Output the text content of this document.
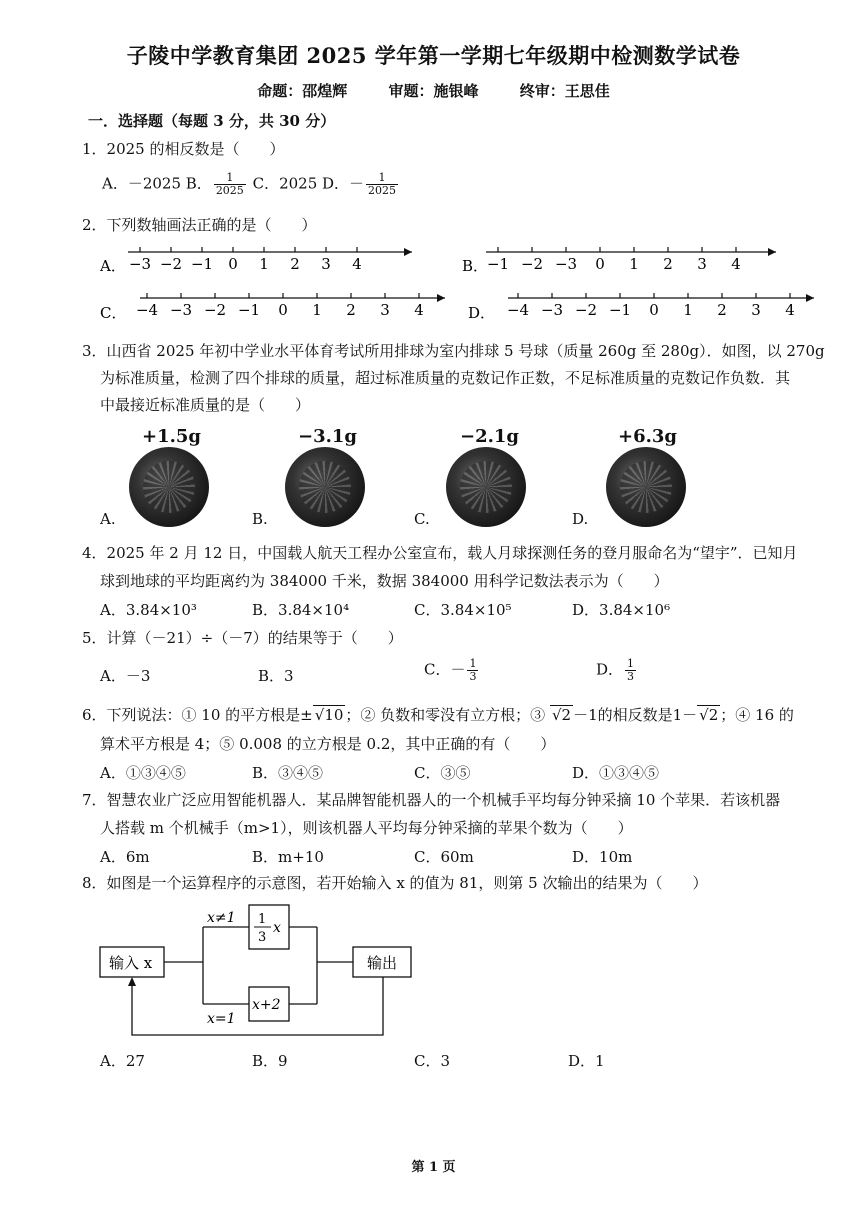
子陵中学教育集团 2025 学年第一学期七年级期中检测数学试卷
命题：邵煌辉	审题：施银峰	终审：王思佳
一．选择题（每题 3 分，共 30 分）
1．2025 的相反数是（　　）
A．－2025 B． $\frac{1}{2025}$ C．2025 D．－ $\frac{1}{2025}$
2．下列数轴画法正确的是（　　）
A．	B．
C．	D．
−3 −2 −1 0 1 2 3 4	−1 −2 −3 0 1 2 3 4
−4 −3 −2 −1 0 1 2 3 4	−4 −3 −2 −1 0 1 2 3 4
3．山西省 2025 年初中学业水平体育考试所用排球为室内排球 5 号球（质量 260g 至 280g）．如图，以 270g
为标准质量，检测了四个排球的质量，超过标准质量的克数记作正数，不足标准质量的克数记作负数．其
中最接近标准质量的是（　　）
+1.5g	−3.1g	−2.1g	+6.3g
A.	B.	C.	D.
4．2025 年 2 月 12 日，中国载人航天工程办公室宣布，载人月球探测任务的登月服命名为“望宇”．已知月
球到地球的平均距离约为 384000 千米，数据 384000 用科学记数法表示为（　　）
A．3.84×10³	B．3.84×10⁴	C．3.84×10⁵	D．3.84×10⁶
5．计算（－21）÷（－7）的结果等于（　　）
A．－3	B．3	C．－ $\frac{1}{3}$	D． $\frac{1}{3}$
6．下列说法：① 10 的平方根是± √10 ；② 负数和零没有立方根；③ √2 －1的相反数是1－ √2 ；④ 16 的
算术平方根是 4；⑤ 0.008 的立方根是 0.2，其中正确的有（　　）
A．①③④⑤	B．③④⑤	C．③⑤	D．①③④⑤
7．智慧农业广泛应用智能机器人．某品牌智能机器人的一个机械手平均每分钟采摘 10 个苹果．若该机器
人搭载 m 个机械手（m>1），则该机器人平均每分钟采摘的苹果个数为（　　）
A．6m	B．m+10	C．60m	D．10m
8．如图是一个运算程序的示意图，若开始输入 x 的值为 81，则第 5 次输出的结果为（　　）
输入 x	输出
x≠1
x=1
1
3
x
x+2
A．27	B．9	C．3	D．1
第 1 页
